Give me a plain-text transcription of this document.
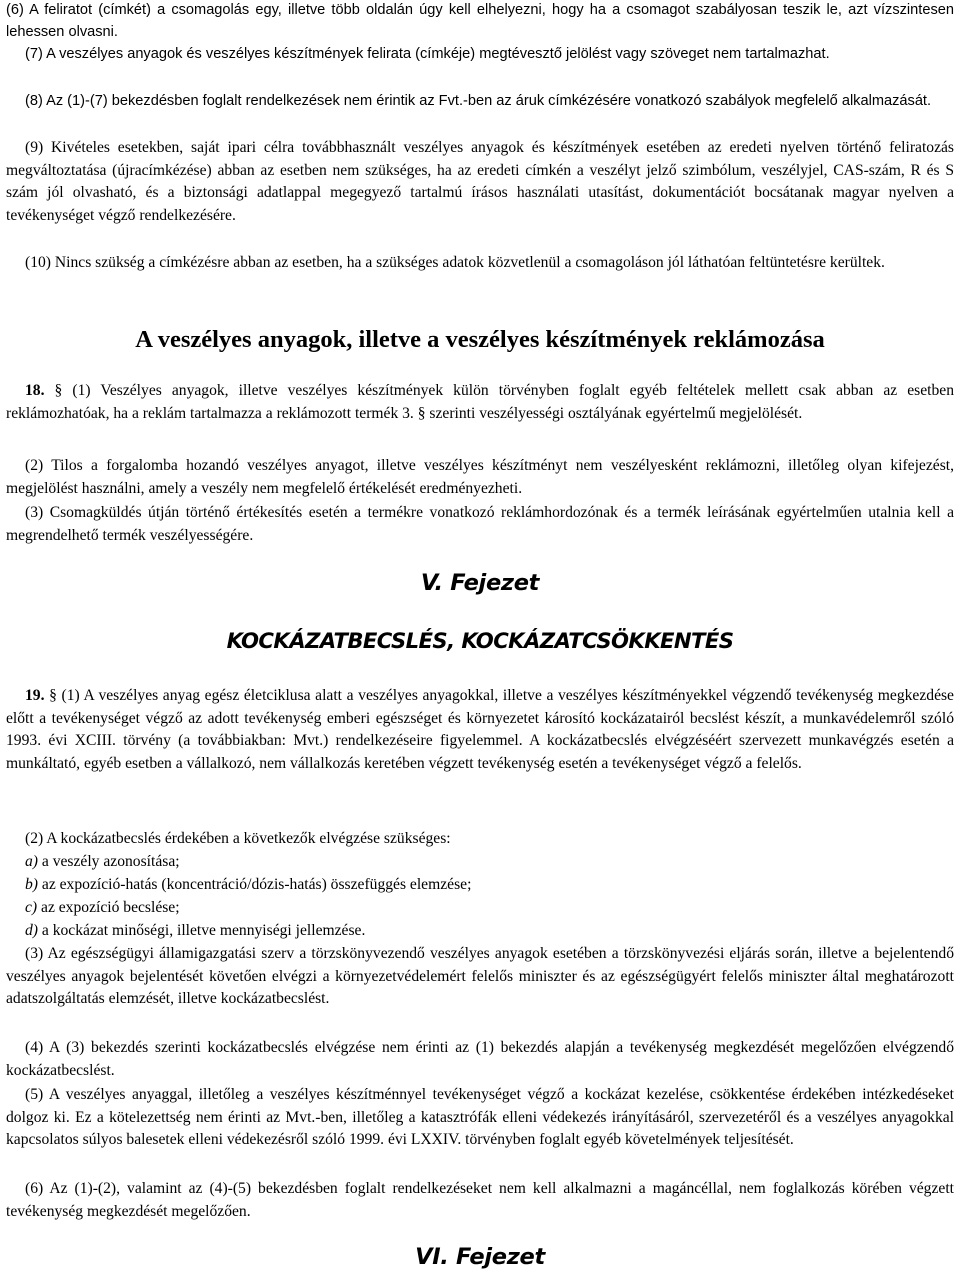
(6) A feliratot (címkét) a csomagolás egy, illetve több oldalán úgy kell elhelyezni, hogy ha a csomagot szabályosan teszik le, azt vízszintesen lehessen olvasni.

(7) A veszélyes anyagok és veszélyes készítmények felirata (címkéje) megtévesztő jelölést vagy szöveget nem tartalmazhat.

(8) Az (1)-(7) bekezdésben foglalt rendelkezések nem érintik az Fvt.-ben az áruk címkézésére vonatkozó szabályok megfelelő alkalmazását.

(9) Kivételes esetekben, saját ipari célra továbbhasznált veszélyes anyagok és készítmények esetében az eredeti nyelven történő feliratozás megváltoztatása (újracímkézése) abban az esetben nem szükséges, ha az eredeti címkén a veszélyt jelző szimbólum, veszélyjel, CAS-szám, R és S szám jól olvasható, és a biztonsági adatlappal megegyező tartalmú írásos használati utasítást, dokumentációt bocsátanak magyar nyelven a tevékenységet végző rendelkezésére.

(10) Nincs szükség a címkézésre abban az esetben, ha a szükséges adatok közvetlenül a csomagoláson jól láthatóan feltüntetésre kerültek.

A veszélyes anyagok, illetve a veszélyes készítmények reklámozása

18. § (1) Veszélyes anyagok, illetve veszélyes készítmények külön törvényben foglalt egyéb feltételek mellett csak abban az esetben reklámozhatóak, ha a reklám tartalmazza a reklámozott termék 3. § szerinti veszélyességi osztályának egyértelmű megjelölését.

(2) Tilos a forgalomba hozandó veszélyes anyagot, illetve veszélyes készítményt nem veszélyesként reklámozni, illetőleg olyan kifejezést, megjelölést használni, amely a veszély nem megfelelő értékelését eredményezheti.

(3) Csomagküldés útján történő értékesítés esetén a termékre vonatkozó reklámhordozónak és a termék leírásának egyértelműen utalnia kell a megrendelhető termék veszélyességére.

V. Fejezet
KOCKÁZATBECSLÉS, KOCKÁZATCSÖKKENTÉS

19. § (1) A veszélyes anyag egész életciklusa alatt a veszélyes anyagokkal, illetve a veszélyes készítményekkel végzendő tevékenység megkezdése előtt a tevékenységet végző az adott tevékenység emberi egészséget és környezetet károsító kockázatairól becslést készít, a munkavédelemről szóló 1993. évi XCIII. törvény (a továbbiakban: Mvt.) rendelkezéseire figyelemmel. A kockázatbecslés elvégzéséért szervezett munkavégzés esetén a munkáltató, egyéb esetben a vállalkozó, nem vállalkozás keretében végzett tevékenység esetén a tevékenységet végző a felelős.

(2) A kockázatbecslés érdekében a következők elvégzése szükséges:

a) a veszély azonosítása;

b) az expozíció-hatás (koncentráció/dózis-hatás) összefüggés elemzése;

c) az expozíció becslése;

d) a kockázat minőségi, illetve mennyiségi jellemzése.

(3) Az egészségügyi államigazgatási szerv a törzskönyvezendő veszélyes anyagok esetében a törzskönyvezési eljárás során, illetve a bejelentendő veszélyes anyagok bejelentését követően elvégzi a környezetvédelemért felelős miniszter és az egészségügyért felelős miniszter által meghatározott adatszolgáltatás elemzését, illetve kockázatbecslést.

(4) A (3) bekezdés szerinti kockázatbecslés elvégzése nem érinti az (1) bekezdés alapján a tevékenység megkezdését megelőzően elvégzendő kockázatbecslést.

(5) A veszélyes anyaggal, illetőleg a veszélyes készítménnyel tevékenységet végző a kockázat kezelése, csökkentése érdekében intézkedéseket dolgoz ki. Ez a kötelezettség nem érinti az Mvt.-ben, illetőleg a katasztrófák elleni védekezés irányításáról, szervezetéről és a veszélyes anyagokkal kapcsolatos súlyos balesetek elleni védekezésről szóló 1999. évi LXXIV. törvényben foglalt egyéb követelmények teljesítését.

(6) Az (1)-(2), valamint az (4)-(5) bekezdésben foglalt rendelkezéseket nem kell alkalmazni a magáncéllal, nem foglalkozás körében végzett tevékenység megkezdését megelőzően.

VI. Fejezet
